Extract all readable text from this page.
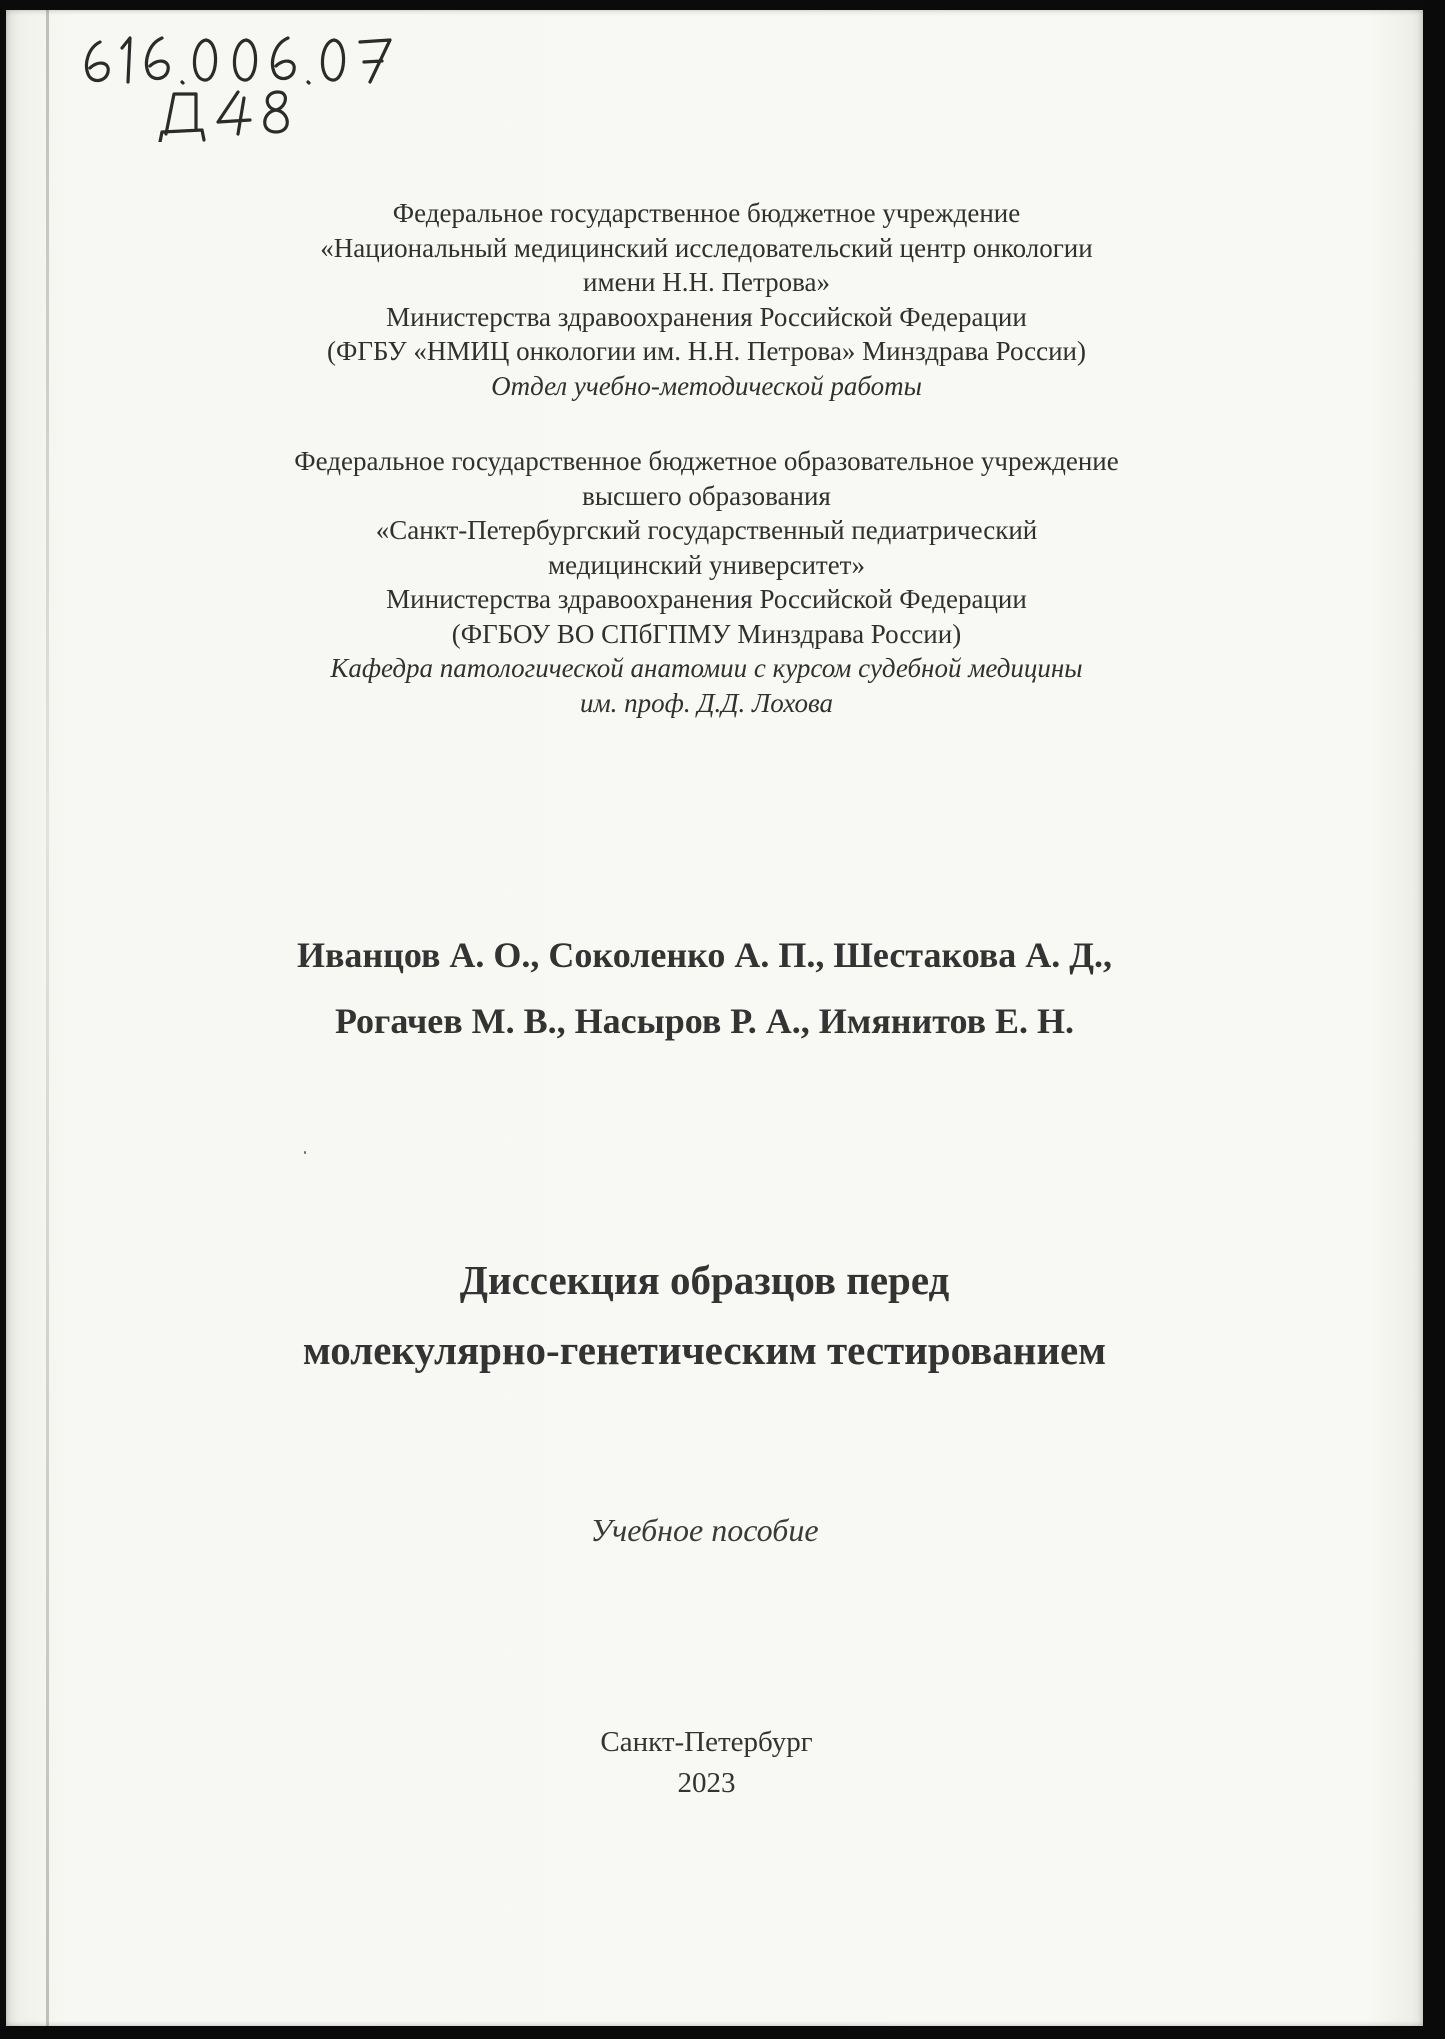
Федеральное государственное бюджетное учреждение
«Национальный медицинский исследовательский центр онкологии
имени Н.Н. Петрова»
Министерства здравоохранения Российской Федерации
(ФГБУ «НМИЦ онкологии им. Н.Н. Петрова» Минздрава России)
Отдел учебно-методической работы
Федеральное государственное бюджетное образовательное учреждение
высшего образования
«Санкт-Петербургский государственный педиатрический
медицинский университет»
Министерства здравоохранения Российской Федерации
(ФГБОУ ВО СПбГПМУ Минздрава России)
Кафедра патологической анатомии с курсом судебной медицины
им. проф. Д.Д. Лохова
Иванцов А. О., Соколенко А. П., Шестакова А. Д.,
Рогачев М. В., Насыров Р. А., Имянитов Е. Н.
Диссекция образцов перед
молекулярно-генетическим тестированием
Учебное пособие
Санкт-Петербург
2023
